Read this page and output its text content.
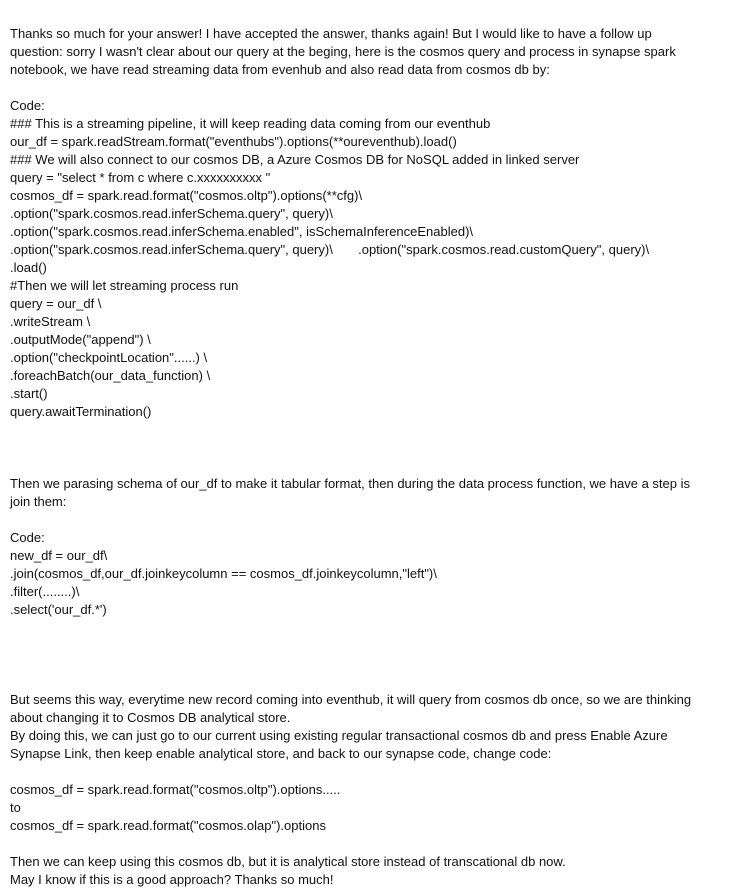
Thanks so much for your answer! I have accepted the answer, thanks again! But I would like to have a follow up
question: sorry I wasn't clear about our query at the beging, here is the cosmos query and process in synapse spark
notebook, we have read streaming data from evenhub and also read data from cosmos db by:
Code:
### This is a streaming pipeline, it will keep reading data coming from our eventhub
our_df = spark.readStream.format("eventhubs").options(**oureventhub).load()
### We will also connect to our cosmos DB, a Azure Cosmos DB for NoSQL added in linked server
query = "select * from c where c.xxxxxxxxxx "
cosmos_df = spark.read.format("cosmos.oltp").options(**cfg)\
.option("spark.cosmos.read.inferSchema.query", query)\
.option("spark.cosmos.read.inferSchema.enabled", isSchemaInferenceEnabled)\
.option("spark.cosmos.read.inferSchema.query", query)\       .option("spark.cosmos.read.customQuery", query)\
.load()
#Then we will let streaming process run
query = our_df \
.writeStream \
.outputMode("append") \
.option("checkpointLocation"......) \
.foreachBatch(our_data_function) \
.start()
query.awaitTermination()
Then we parasing schema of our_df to make it tabular format, then during the data process function, we have a step is
join them:
Code:
new_df = our_df\
.join(cosmos_df,our_df.joinkeycolumn == cosmos_df.joinkeycolumn,"left")\
.filter(........)\
.select('our_df.*')
But seems this way, everytime new record coming into eventhub, it will query from cosmos db once, so we are thinking
about changing it to Cosmos DB analytical store.
By doing this, we can just go to our current using existing regular transactional cosmos db and press Enable Azure
Synapse Link, then keep enable analytical store, and back to our synapse code, change code:
cosmos_df = spark.read.format("cosmos.oltp").options.....
to
cosmos_df = spark.read.format("cosmos.olap").options
Then we can keep using this cosmos db, but it is analytical store instead of transcational db now.
May I know if this is a good approach? Thanks so much!
